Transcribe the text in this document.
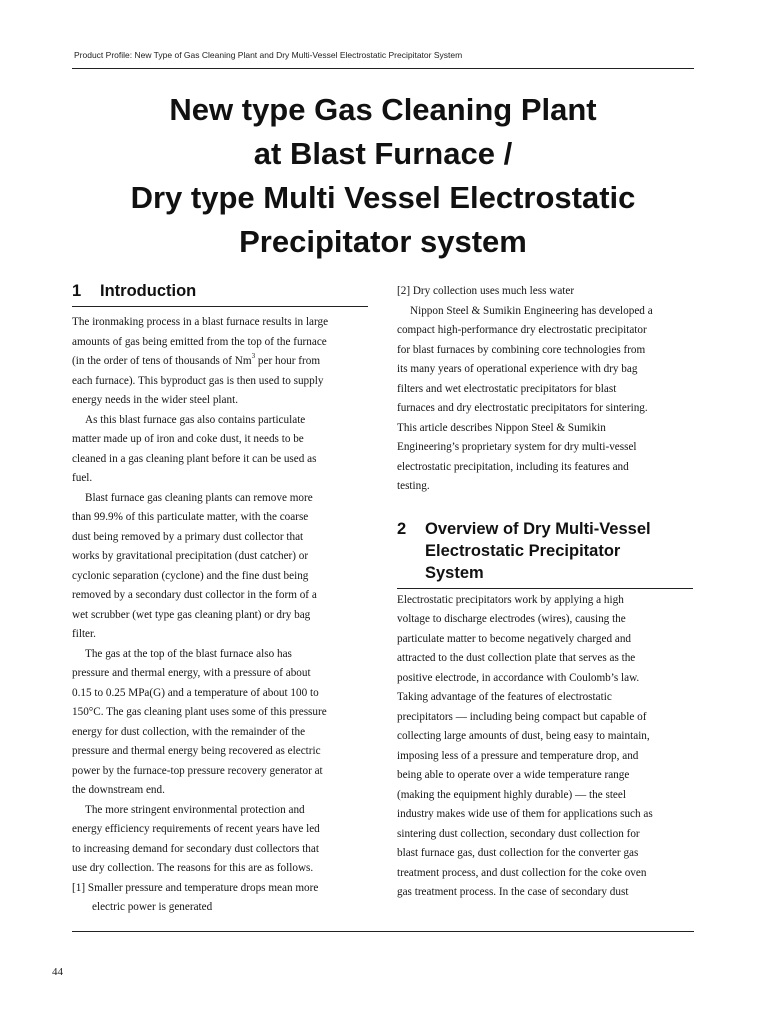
Product Profile: New Type of Gas Cleaning Plant and Dry Multi-Vessel Electrostatic Precipitator System
New type Gas Cleaning Plant
at Blast Furnace /
Dry type Multi Vessel Electrostatic
Precipitator system
1	Introduction

The ironmaking process in a blast furnace results in large
amounts of gas being emitted from the top of the furnace
(in the order of tens of thousands of Nm$^3$ per hour from
each furnace). This byproduct gas is then used to supply
energy needs in the wider steel plant.

As this blast furnace gas also contains particulate
matter made up of iron and coke dust, it needs to be
cleaned in a gas cleaning plant before it can be used as
fuel.

Blast furnace gas cleaning plants can remove more
than 99.9% of this particulate matter, with the coarse
dust being removed by a primary dust collector that
works by gravitational precipitation (dust catcher) or
cyclonic separation (cyclone) and the fine dust being
removed by a secondary dust collector in the form of a
wet scrubber (wet type gas cleaning plant) or dry bag
filter.

The gas at the top of the blast furnace also has
pressure and thermal energy, with a pressure of about
0.15 to 0.25 MPa(G) and a temperature of about 100 to
150°C. The gas cleaning plant uses some of this pressure
energy for dust collection, with the remainder of the
pressure and thermal energy being recovered as electric
power by the furnace-top pressure recovery generator at
the downstream end.

The more stringent environmental protection and
energy efficiency requirements of recent years have led
to increasing demand for secondary dust collectors that
use dry collection. The reasons for this are as follows.

[1] Smaller pressure and temperature drops mean more
electric power is generated

[2] Dry collection uses much less water

Nippon Steel & Sumikin Engineering has developed a
compact high-performance dry electrostatic precipitator
for blast furnaces by combining core technologies from
its many years of operational experience with dry bag
filters and wet electrostatic precipitators for blast
furnaces and dry electrostatic precipitators for sintering.
This article describes Nippon Steel & Sumikin
Engineering’s proprietary system for dry multi-vessel
electrostatic precipitation, including its features and
testing.

2	Overview of Dry Multi-Vessel
Electrostatic Precipitator
System

Electrostatic precipitators work by applying a high
voltage to discharge electrodes (wires), causing the
particulate matter to become negatively charged and
attracted to the dust collection plate that serves as the
positive electrode, in accordance with Coulomb’s law.
Taking advantage of the features of electrostatic
precipitators — including being compact but capable of
collecting large amounts of dust, being easy to maintain,
imposing less of a pressure and temperature drop, and
being able to operate over a wide temperature range
(making the equipment highly durable) — the steel
industry makes wide use of them for applications such as
sintering dust collection, secondary dust collection for
blast furnace gas, dust collection for the converter gas
treatment process, and dust collection for the coke oven
gas treatment process. In the case of secondary dust

44
